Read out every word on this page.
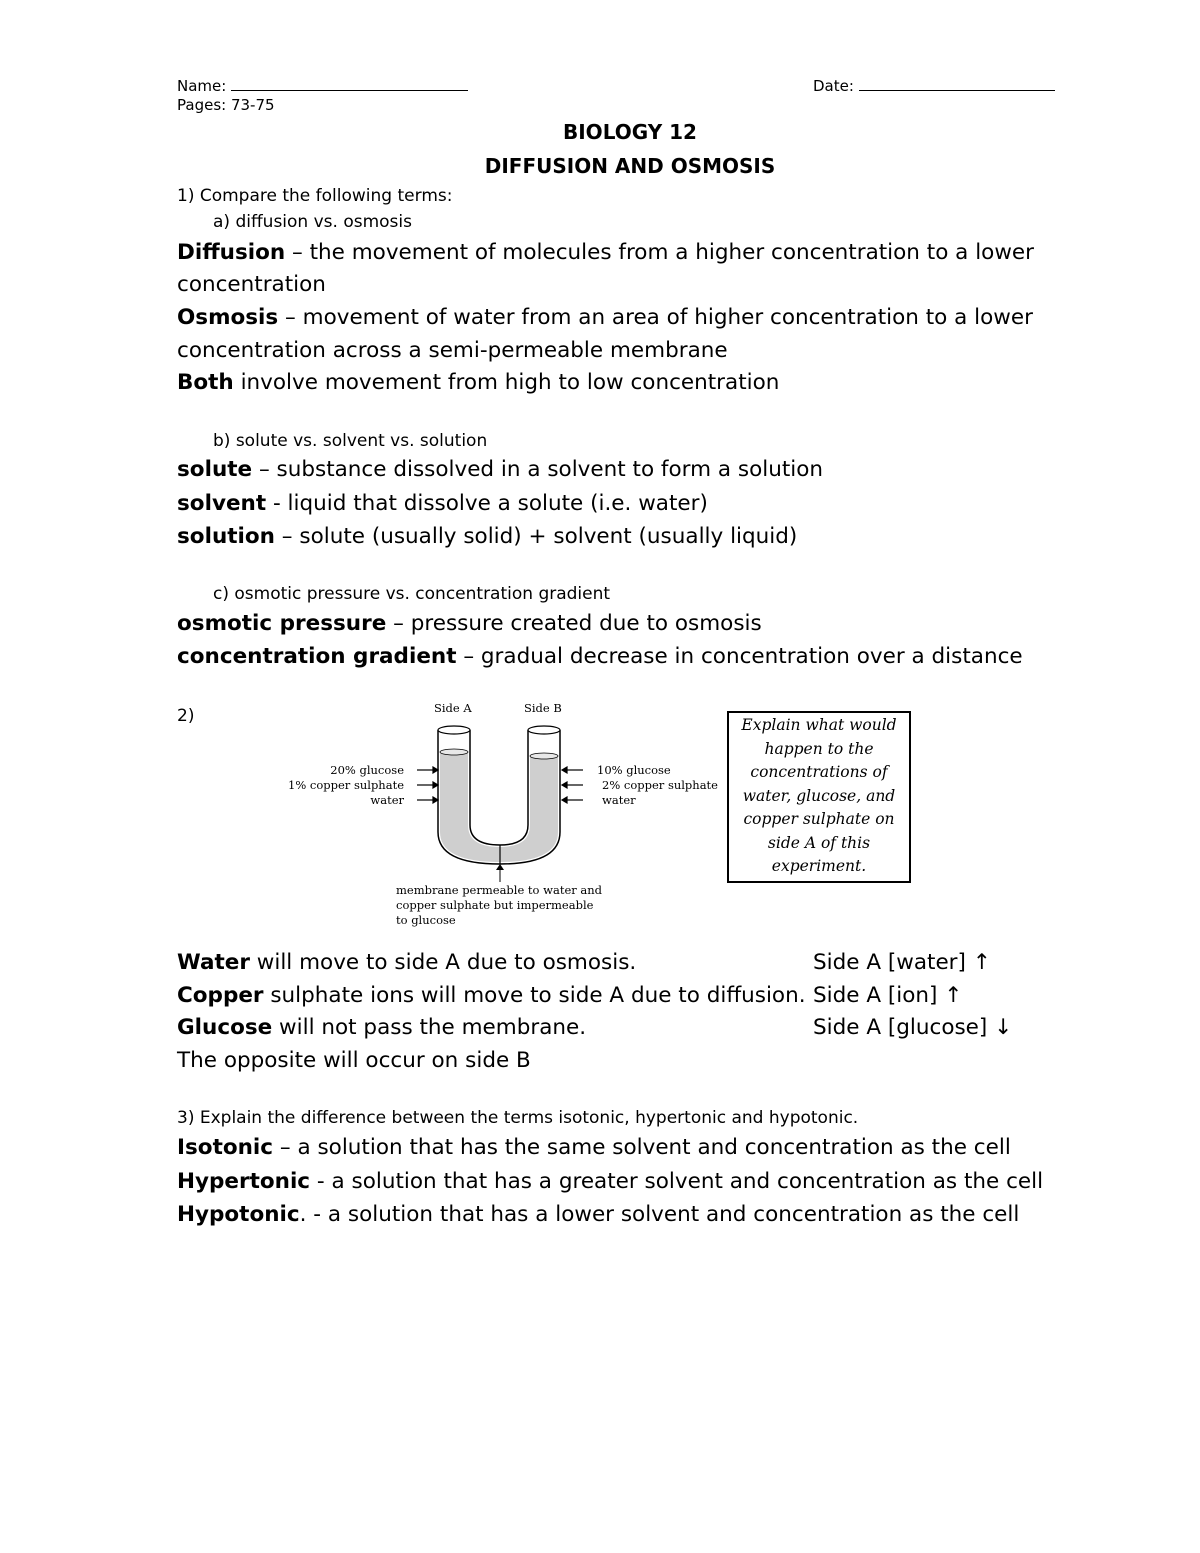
Name:	Date:
Pages: 73-75
BIOLOGY 12
DIFFUSION AND OSMOSIS
1) Compare the following terms:
a) diffusion vs. osmosis
Diffusion – the movement of molecules from a higher concentration to a lower
concentration
Osmosis – movement of water from an area of higher concentration to a lower
concentration across a semi-permeable membrane
Both involve movement from high to low concentration
b) solute vs. solvent vs. solution
solute – substance dissolved in a solvent to form a solution
solvent - liquid that dissolve a solute (i.e. water)
solution – solute (usually solid) + solvent (usually liquid)
c) osmotic pressure vs. concentration gradient
osmotic pressure – pressure created due to osmosis
concentration gradient – gradual decrease in concentration over a distance
2)	Side A	Side B
20% glucose
1% copper sulphate
water
10% glucose
2% copper sulphate
water
membrane permeable to water and
copper sulphate but impermeable
to glucose
Explain what would
happen to the
concentrations of
water, glucose, and
copper sulphate on
side A of this
experiment.
Water will move to side A due to osmosis.	Side A [water] ↑
Copper sulphate ions will move to side A due to diffusion. Side A [ion] ↑
Glucose will not pass the membrane.	Side A [glucose] ↓
The opposite will occur on side B
3) Explain the difference between the terms isotonic, hypertonic and hypotonic.
Isotonic – a solution that has the same solvent and concentration as the cell
Hypertonic - a solution that has a greater solvent and concentration as the cell
Hypotonic. - a solution that has a lower solvent and concentration as the cell
